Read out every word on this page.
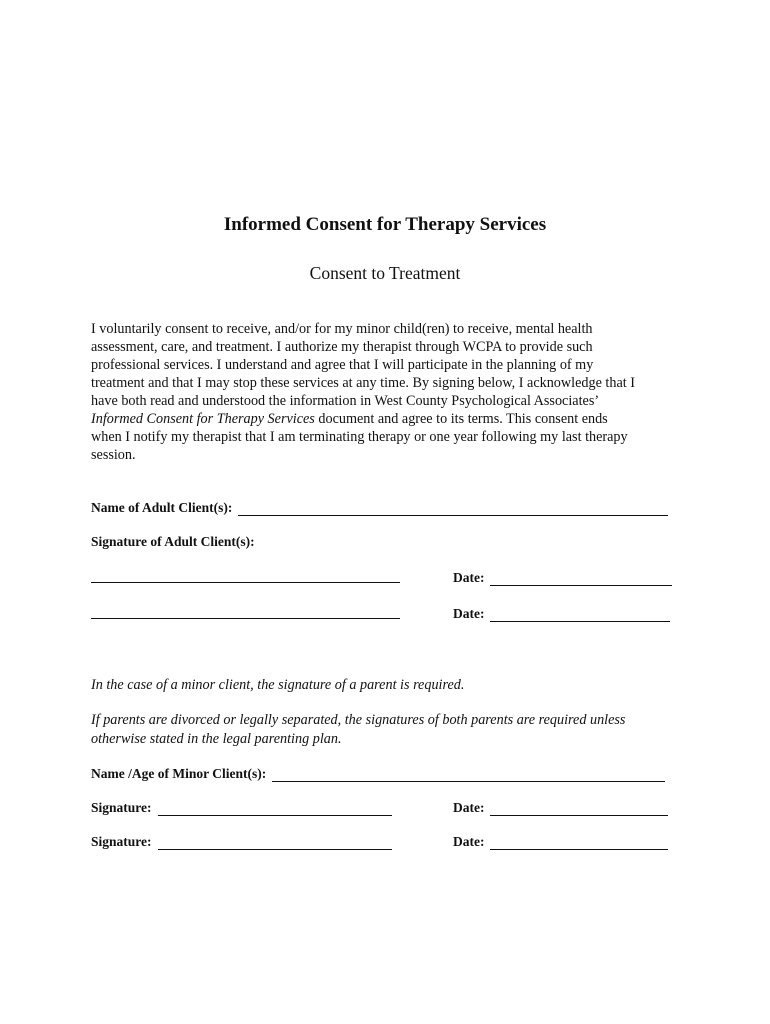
Informed Consent for Therapy Services
Consent to Treatment
I voluntarily consent to receive, and/or for my minor child(ren) to receive, mental health
assessment, care, and treatment. I authorize my therapist through WCPA to provide such
professional services. I understand and agree that I will participate in the planning of my
treatment and that I may stop these services at any time. By signing below, I acknowledge that I
have both read and understood the information in West County Psychological Associates’
Informed Consent for Therapy Services document and agree to its terms. This consent ends
when I notify my therapist that I am terminating therapy or one year following my last therapy
session.
Name of Adult Client(s):
Signature of Adult Client(s):
Date:
Date:
In the case of a minor client, the signature of a parent is required.
If parents are divorced or legally separated, the signatures of both parents are required unless
otherwise stated in the legal parenting plan.
Name /Age of Minor Client(s):
Signature:	Date:
Signature:	Date:
